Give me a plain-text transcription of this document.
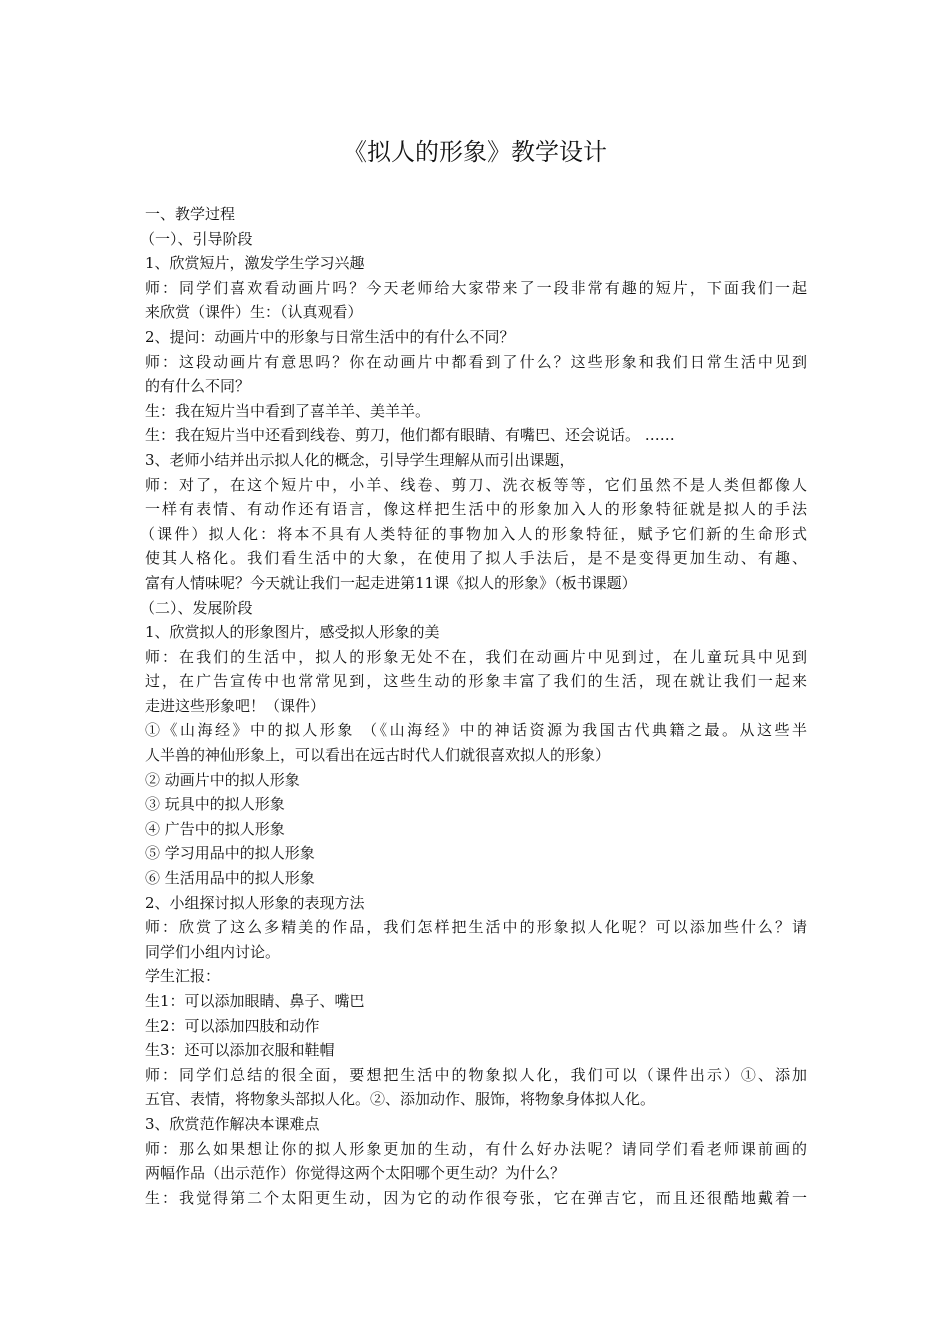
《拟人的形象》教学设计

一、教学过程

（一）、引导阶段

1、欣赏短片，激发学生学习兴趣

师：同学们喜欢看动画片吗？今天老师给大家带来了一段非常有趣的短片，下面我们一起

来欣赏（课件）生：（认真观看）

2、提问：动画片中的形象与日常生活中的有什么不同？

师：这段动画片有意思吗？你在动画片中都看到了什么？这些形象和我们日常生活中见到

的有什么不同？

生：我在短片当中看到了喜羊羊、美羊羊。

生：我在短片当中还看到线卷、剪刀，他们都有眼睛、有嘴巴、还会说话。 ……

3、老师小结并出示拟人化的概念，引导学生理解从而引出课题，

师：对了，在这个短片中，小羊、线卷、剪刀、洗衣板等等，它们虽然不是人类但都像人

一样有表情、有动作还有语言，像这样把生活中的形象加入人的形象特征就是拟人的手法

（课件）拟人化：将本不具有人类特征的事物加入人的形象特征，赋予它们新的生命形式

使其人格化。我们看生活中的大象，在使用了拟人手法后，是不是变得更加生动、有趣、

富有人情味呢？今天就让我们一起走进第11课《拟人的形象》（板书课题）

（二）、发展阶段

1、欣赏拟人的形象图片，感受拟人形象的美

师：在我们的生活中，拟人的形象无处不在，我们在动画片中见到过，在儿童玩具中见到

过，在广告宣传中也常常见到，这些生动的形象丰富了我们的生活，现在就让我们一起来

走进这些形象吧！（课件）

①《山海经》中的拟人形象 （《山海经》中的神话资源为我国古代典籍之最。从这些半

人半兽的神仙形象上，可以看出在远古时代人们就很喜欢拟人的形象）

② 动画片中的拟人形象

③ 玩具中的拟人形象

④ 广告中的拟人形象

⑤ 学习用品中的拟人形象

⑥ 生活用品中的拟人形象

2、小组探讨拟人形象的表现方法

师：欣赏了这么多精美的作品，我们怎样把生活中的形象拟人化呢？可以添加些什么？请

同学们小组内讨论。

学生汇报：

生1：可以添加眼睛、鼻子、嘴巴

生2：可以添加四肢和动作

生3：还可以添加衣服和鞋帽

师：同学们总结的很全面，要想把生活中的物象拟人化，我们可以（课件出示）①、添加

五官、表情，将物象头部拟人化。②、添加动作、服饰，将物象身体拟人化。

3、欣赏范作解决本课难点

师：那么如果想让你的拟人形象更加的生动，有什么好办法呢？请同学们看老师课前画的

两幅作品（出示范作）你觉得这两个太阳哪个更生动？为什么？

生：我觉得第二个太阳更生动，因为它的动作很夸张，它在弹吉它，而且还很酷地戴着一
